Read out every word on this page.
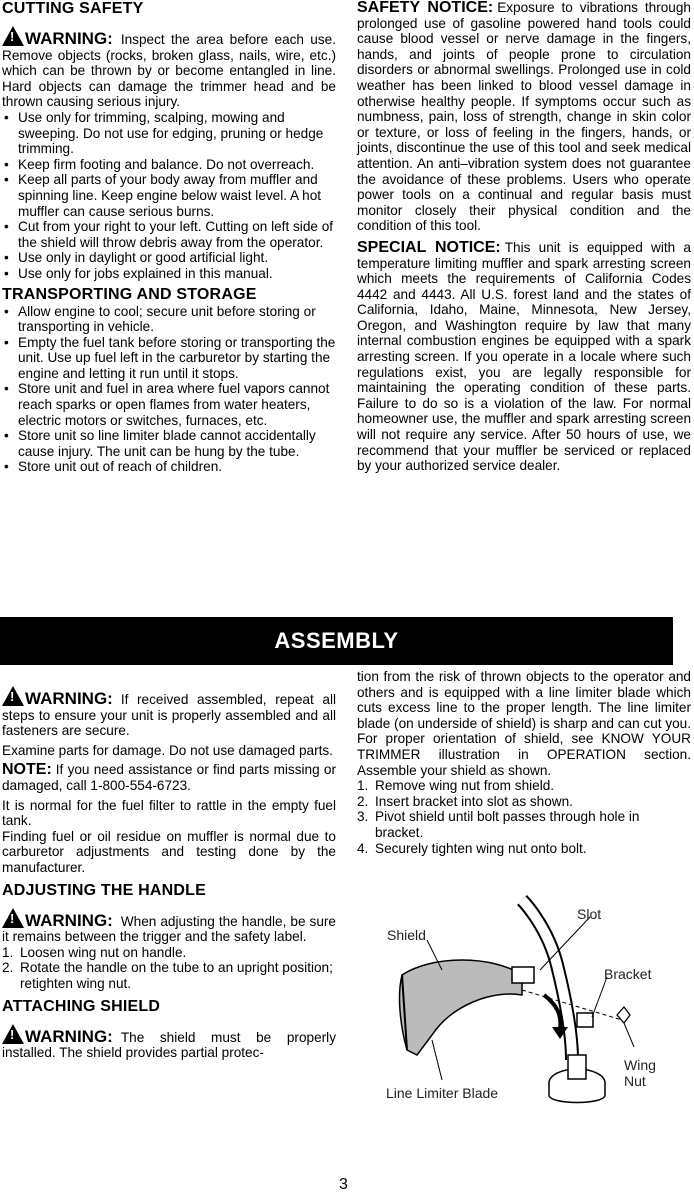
CUTTING SAFETY

!WARNING: Inspect the area before each use. Remove objects (rocks, broken glass, nails, wire, etc.) which can be thrown by or become entangled in line. Hard objects can damage the trimmer head and be thrown causing serious injury.

• Use only for trimming, scalping, mowing and sweeping. Do not use for edging, pruning or hedge trimming.
• Keep firm footing and balance. Do not overreach.
• Keep all parts of your body away from muffler and spinning line. Keep engine below waist level. A hot muffler can cause serious burns.
• Cut from your right to your left. Cutting on left side of the shield will throw debris away from the operator.
• Use only in daylight or good artificial light.
• Use only for jobs explained in this manual.
TRANSPORTING AND STORAGE
• Allow engine to cool; secure unit before storing or transporting in vehicle.
• Empty the fuel tank before storing or transporting the unit. Use up fuel left in the carburetor by starting the engine and letting it run until it stops.
• Store unit and fuel in area where fuel vapors cannot reach sparks or open flames from water heaters, electric motors or switches, furnaces, etc.
• Store unit so line limiter blade cannot accidentally cause injury. The unit can be hung by the tube.
• Store unit out of reach of children.

SAFETY NOTICE: Exposure to vibrations through prolonged use of gasoline powered hand tools could cause blood vessel or nerve damage in the fingers, hands, and joints of people prone to circulation disorders or abnormal swellings. Prolonged use in cold weather has been linked to blood vessel damage in otherwise healthy people. If symptoms occur such as numbness, pain, loss of strength, change in skin color or texture, or loss of feeling in the fingers, hands, or joints, discontinue the use of this tool and seek medical attention. An anti–vibration system does not guarantee the avoidance of these problems. Users who operate power tools on a continual and regular basis must monitor closely their physical condition and the condition of this tool.

SPECIAL NOTICE: This unit is equipped with a temperature limiting muffler and spark arresting screen which meets the requirements of California Codes 4442 and 4443. All U.S. forest land and the states of California, Idaho, Maine, Minnesota, New Jersey, Oregon, and Washington require by law that many internal combustion engines be equipped with a spark arresting screen. If you operate in a locale where such regulations exist, you are legally responsible for maintaining the operating condition of these parts. Failure to do so is a violation of the law. For normal homeowner use, the muffler and spark arresting screen will not require any service. After 50 hours of use, we recommend that your muffler be serviced or replaced by your authorized service dealer.

ASSEMBLY

!WARNING: If received assembled, repeat all steps to ensure your unit is properly assembled and all fasteners are secure.

Examine parts for damage. Do not use damaged parts.

NOTE: If you need assistance or find parts missing or damaged, call 1-800-554-6723.

It is normal for the fuel filter to rattle in the empty fuel tank.

Finding fuel or oil residue on muffler is normal due to carburetor adjustments and testing done by the manufacturer.

ADJUSTING THE HANDLE

!WARNING: When adjusting the handle, be sure it remains between the trigger and the safety label.

1. Loosen wing nut on handle.
2. Rotate the handle on the tube to an upright position; retighten wing nut.
ATTACHING SHIELD

!WARNING: The shield must be properly installed. The shield provides partial protec-

tion from the risk of thrown objects to the operator and others and is equipped with a line limiter blade which cuts excess line to the proper length. The line limiter blade (on underside of shield) is sharp and can cut you.

For proper orientation of shield, see KNOW YOUR TRIMMER illustration in OPERATION section. Assemble your shield as shown.

1. Remove wing nut from shield.
2. Insert bracket into slot as shown.
3. Pivot shield until bolt passes through hole in bracket.
4. Securely tighten wing nut onto bolt.
Shield
Slot
Bracket
Wing
Nut
Line Limiter Blade
3
